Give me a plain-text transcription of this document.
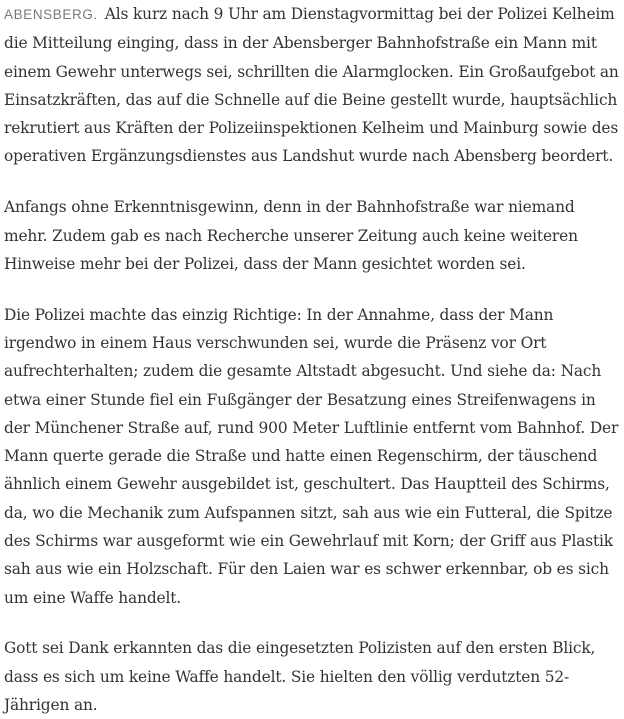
ABENSBERG. Als kurz nach 9 Uhr am Dienstagvormittag bei der Polizei Kelheim die Mitteilung einging, dass in der Abensberger Bahnhofstraße ein Mann mit einem Gewehr unterwegs sei, schrillten die Alarmglocken. Ein Großaufgebot an Einsatzkräften, das auf die Schnelle auf die Beine gestellt wurde, hauptsächlich rekrutiert aus Kräften der Polizeiinspektionen Kelheim und Mainburg sowie des operativen Ergänzungsdienstes aus Landshut wurde nach Abensberg beordert.

Anfangs ohne Erkenntnisgewinn, denn in der Bahnhofstraße war niemand mehr. Zudem gab es nach Recherche unserer Zeitung auch keine weiteren Hinweise mehr bei der Polizei, dass der Mann gesichtet worden sei.

Die Polizei machte das einzig Richtige: In der Annahme, dass der Mann irgendwo in einem Haus verschwunden sei, wurde die Präsenz vor Ort aufrechterhalten; zudem die gesamte Altstadt abgesucht. Und siehe da: Nach etwa einer Stunde fiel ein Fußgänger der Besatzung eines Streifenwagens in der Münchener Straße auf, rund 900 Meter Luftlinie entfernt vom Bahnhof. Der Mann querte gerade die Straße und hatte einen Regenschirm, der täuschend ähnlich einem Gewehr ausgebildet ist, geschultert. Das Hauptteil des Schirms, da, wo die Mechanik zum Aufspannen sitzt, sah aus wie ein Futteral, die Spitze des Schirms war ausgeformt wie ein Gewehrlauf mit Korn; der Griff aus Plastik sah aus wie ein Holzschaft. Für den Laien war es schwer erkennbar, ob es sich um eine Waffe handelt.

Gott sei Dank erkannten das die eingesetzten Polizisten auf den ersten Blick, dass es sich um keine Waffe handelt. Sie hielten den völlig verdutzten 52-Jährigen an.
